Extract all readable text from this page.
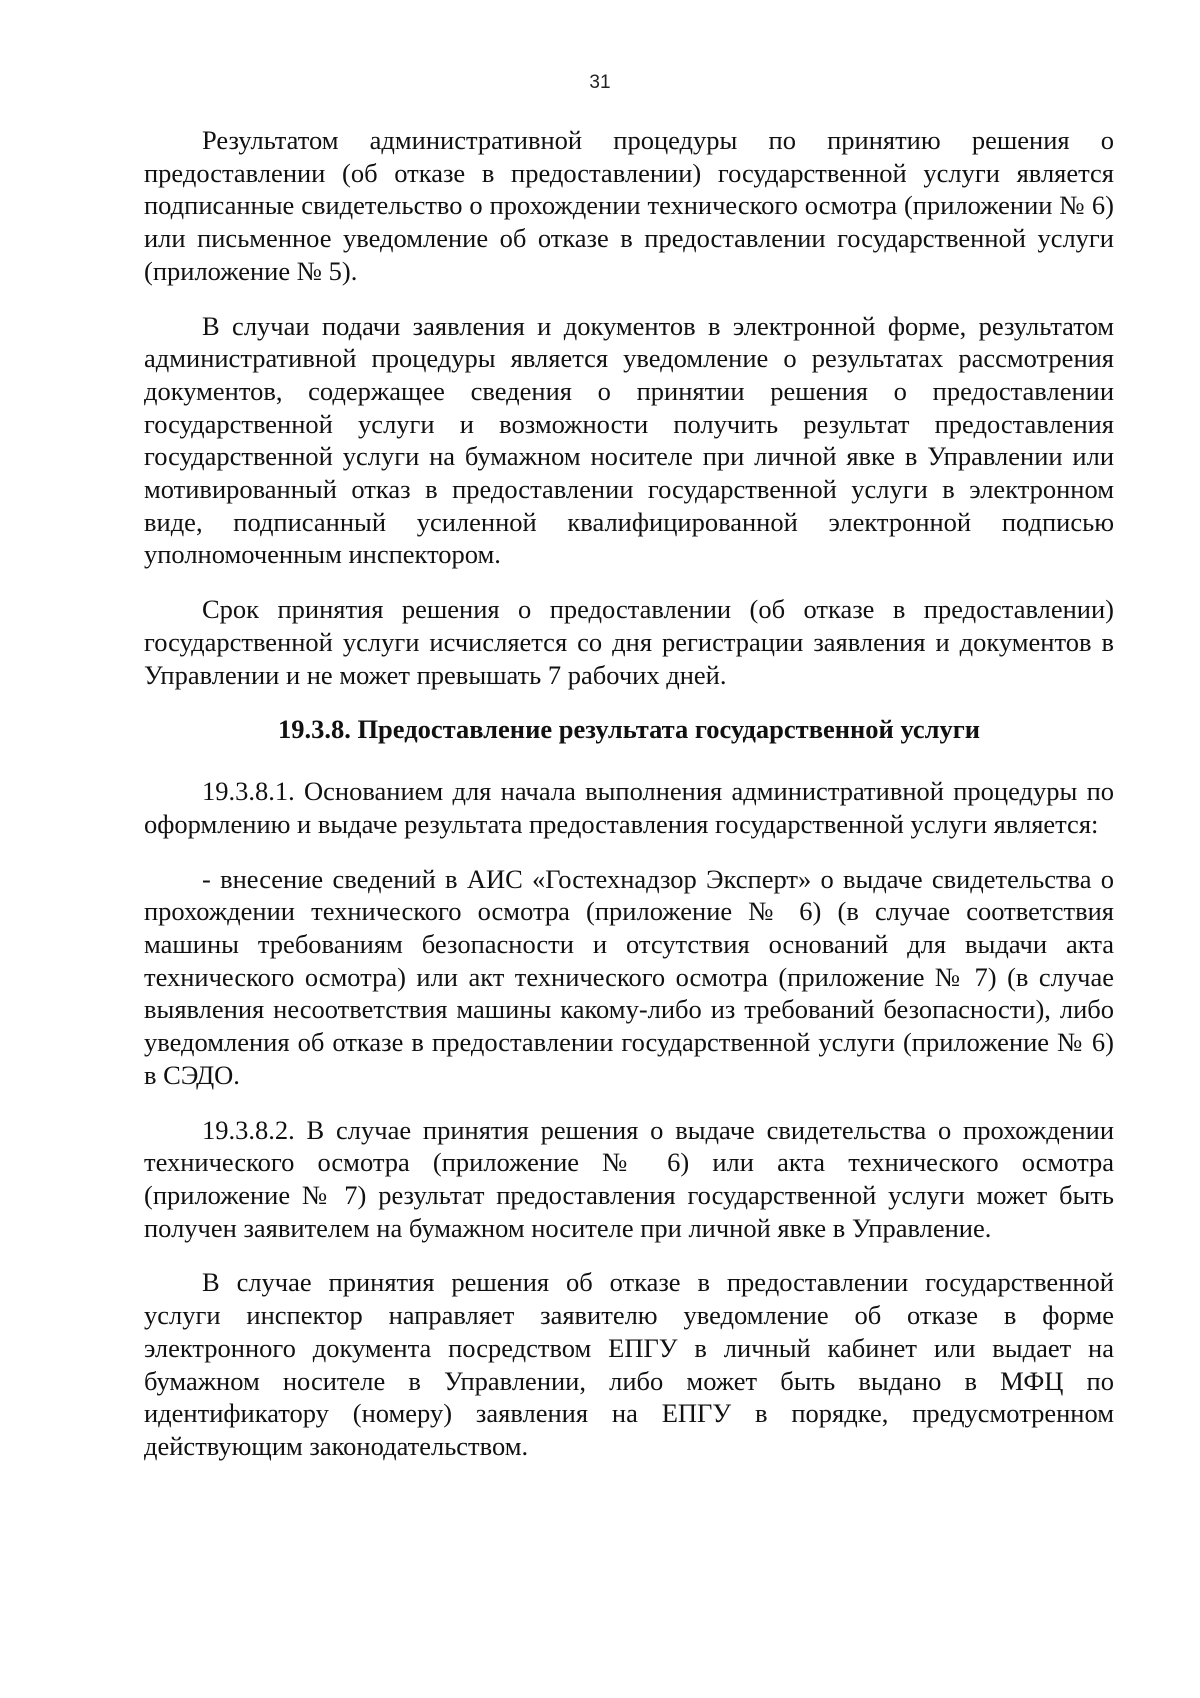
31

Результатом административной процедуры по принятию решения о предоставлении (об отказе в предоставлении) государственной услуги является подписанные свидетельство о прохождении технического осмотра (приложении № 6) или письменное уведомление об отказе в предоставлении государственной услуги (приложение № 5).

В случаи подачи заявления и документов в электронной форме, результатом административной процедуры является уведомление о результатах рассмотрения документов, содержащее сведения о принятии решения о предоставлении государственной услуги и возможности получить результат предоставления государственной услуги на бумажном носителе при личной явке в Управлении или мотивированный отказ в предоставлении государственной услуги в электронном виде, подписанный усиленной квалифицированной электронной подписью уполномоченным инспектором.

Срок принятия решения о предоставлении (об отказе в предоставлении) государственной услуги исчисляется со дня регистрации заявления и документов в Управлении и не может превышать 7 рабочих дней.

19.3.8. Предоставление результата государственной услуги

19.3.8.1. Основанием для начала выполнения административной процедуры по оформлению и выдаче результата предоставления государственной услуги является:

- внесение сведений в АИС «Гостехнадзор Эксперт» о выдаче свидетельства о прохождении технического осмотра (приложение № 6) (в случае соответствия машины требованиям безопасности и отсутствия оснований для выдачи акта технического осмотра) или акт технического осмотра (приложение № 7) (в случае выявления несоответствия машины какому-либо из требований безопасности), либо уведомления об отказе в предоставлении государственной услуги (приложение № 6) в СЭДО.

19.3.8.2. В случае принятия решения о выдаче свидетельства о прохождении технического осмотра (приложение № 6) или акта технического осмотра (приложение № 7) результат предоставления государственной услуги может быть получен заявителем на бумажном носителе при личной явке в Управление.

В случае принятия решения об отказе в предоставлении государственной услуги инспектор направляет заявителю уведомление об отказе в форме электронного документа посредством ЕПГУ в личный кабинет или выдает на бумажном носителе в Управлении, либо может быть выдано в МФЦ по идентификатору (номеру) заявления на ЕПГУ в порядке, предусмотренном действующим законодательством.
